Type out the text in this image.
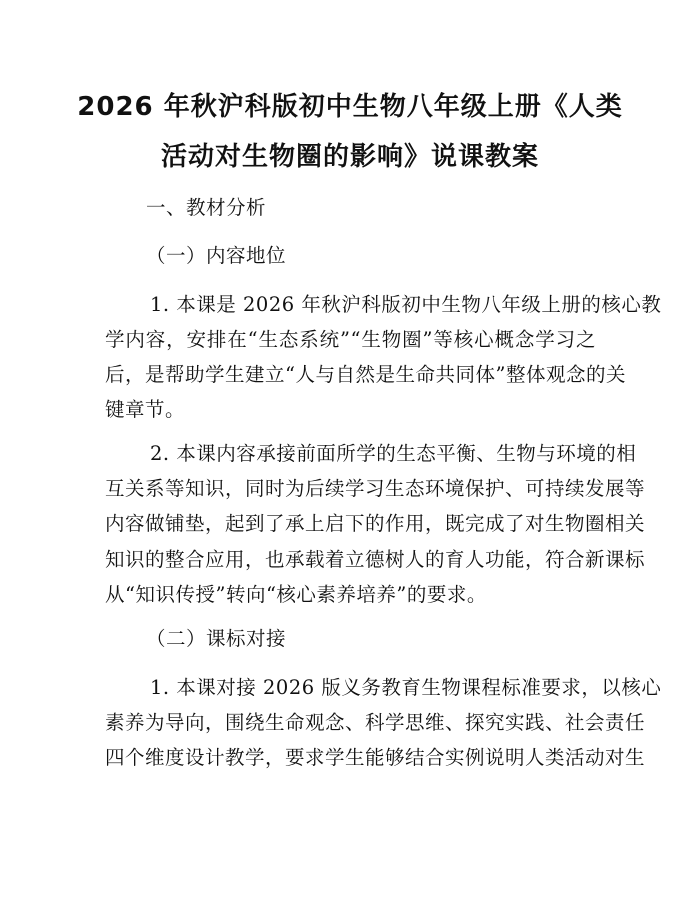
2026 年秋沪科版初中生物八年级上册《人类
活动对生物圈的影响》说课教案
一、教材分析
（一）内容地位
1. 本课是 2026 年秋沪科版初中生物八年级上册的核心教
学内容，安排在“生态系统”“生物圈”等核心概念学习之
后，是帮助学生建立“人与自然是生命共同体”整体观念的关
键章节。
2. 本课内容承接前面所学的生态平衡、生物与环境的相
互关系等知识，同时为后续学习生态环境保护、可持续发展等
内容做铺垫，起到了承上启下的作用，既完成了对生物圈相关
知识的整合应用，也承载着立德树人的育人功能，符合新课标
从“知识传授”转向“核心素养培养”的要求。
（二）课标对接
1. 本课对接 2026 版义务教育生物课程标准要求，以核心
素养为导向，围绕生命观念、科学思维、探究实践、社会责任
四个维度设计教学，要求学生能够结合实例说明人类活动对生
